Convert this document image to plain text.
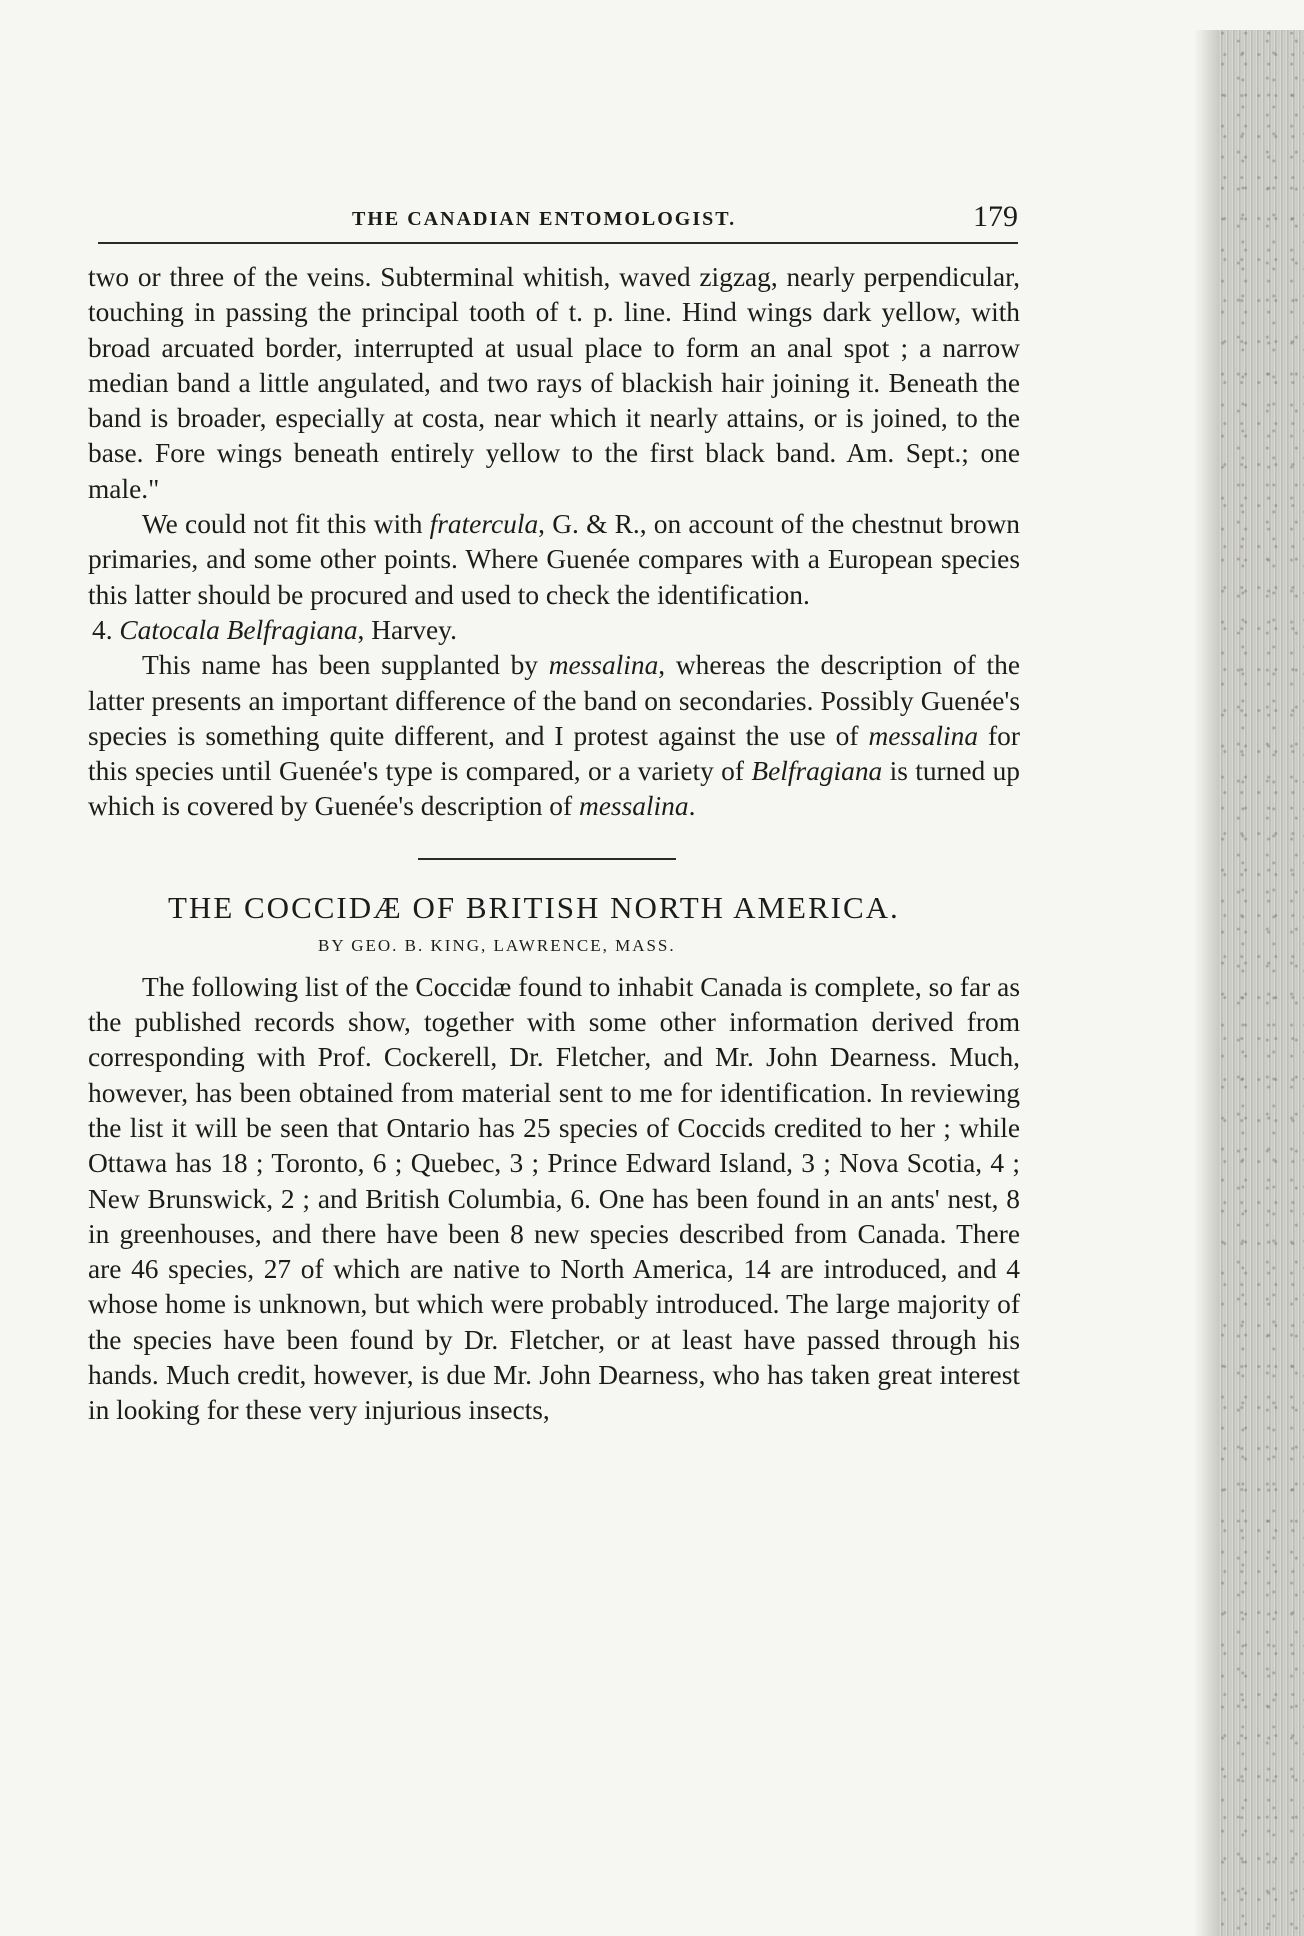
THE CANADIAN ENTOMOLOGIST.	179

two or three of the veins. Subterminal whitish, waved zigzag, nearly perpendicular, touching in passing the principal tooth of t. p. line. Hind wings dark yellow, with broad arcuated border, interrupted at usual place to form an anal spot ; a narrow median band a little angulated, and two rays of blackish hair joining it. Beneath the band is broader, especially at costa, near which it nearly attains, or is joined, to the base. Fore wings beneath entirely yellow to the first black band. Am. Sept.; one male."

We could not fit this with fratercula, G. & R., on account of the chestnut brown primaries, and some other points. Where Guenée compares with a European species this latter should be procured and used to check the identification.

4. Catocala Belfragiana, Harvey.

This name has been supplanted by messalina, whereas the description of the latter presents an important difference of the band on secondaries. Possibly Guenée's species is something quite different, and I protest against the use of messalina for this species until Guenée's type is compared, or a variety of Belfragiana is turned up which is covered by Guenée's description of messalina.

THE COCCIDÆ OF BRITISH NORTH AMERICA.
BY GEO. B. KING, LAWRENCE, MASS.

The following list of the Coccidæ found to inhabit Canada is complete, so far as the published records show, together with some other information derived from corresponding with Prof. Cockerell, Dr. Fletcher, and Mr. John Dearness. Much, however, has been obtained from material sent to me for identification. In reviewing the list it will be seen that Ontario has 25 species of Coccids credited to her ; while Ottawa has 18 ; Toronto, 6 ; Quebec, 3 ; Prince Edward Island, 3 ; Nova Scotia, 4 ; New Brunswick, 2 ; and British Columbia, 6. One has been found in an ants' nest, 8 in greenhouses, and there have been 8 new species described from Canada. There are 46 species, 27 of which are native to North America, 14 are introduced, and 4 whose home is unknown, but which were probably introduced. The large majority of the species have been found by Dr. Fletcher, or at least have passed through his hands. Much credit, however, is due Mr. John Dearness, who has taken great interest in looking for these very injurious insects,
